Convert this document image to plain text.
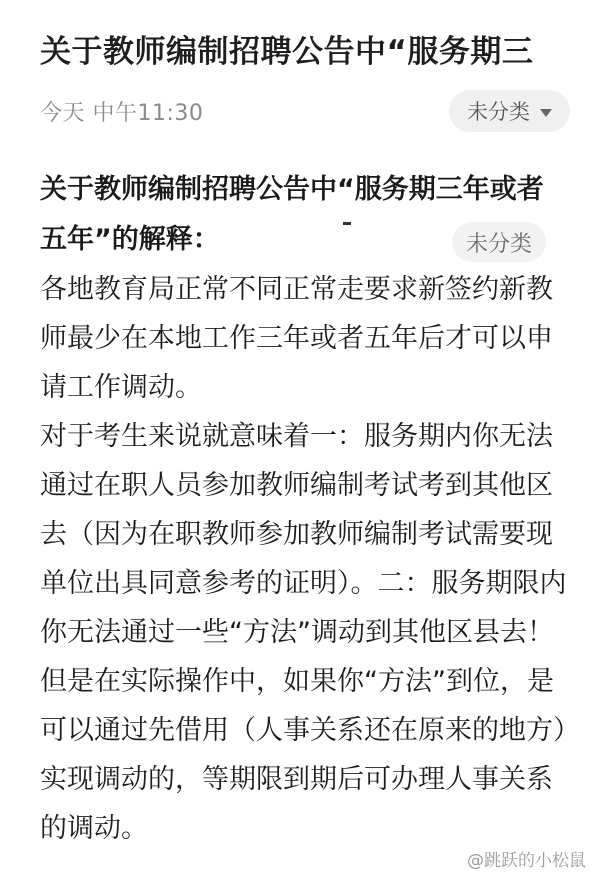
关于教师编制招聘公告中“服务期三
今天 中午11:30	未分类

关于教师编制招聘公告中“服务期三年或者五年”的解释：

各地教育局正常不同正常走要求新签约新教师最少在本地工作三年或者五年后才可以申请工作调动。

对于考生来说就意味着一：服务期内你无法通过在职人员参加教师编制考试考到其他区去（因为在职教师参加教师编制考试需要现单位出具同意参考的证明）。二：服务期限内你无法通过一些“方法”调动到其他区县去！但是在实际操作中，如果你“方法”到位，是可以通过先借用（人事关系还在原来的地方）实现调动的，等期限到期后可办理人事关系的调动。

未分类
@跳跃的小松鼠
